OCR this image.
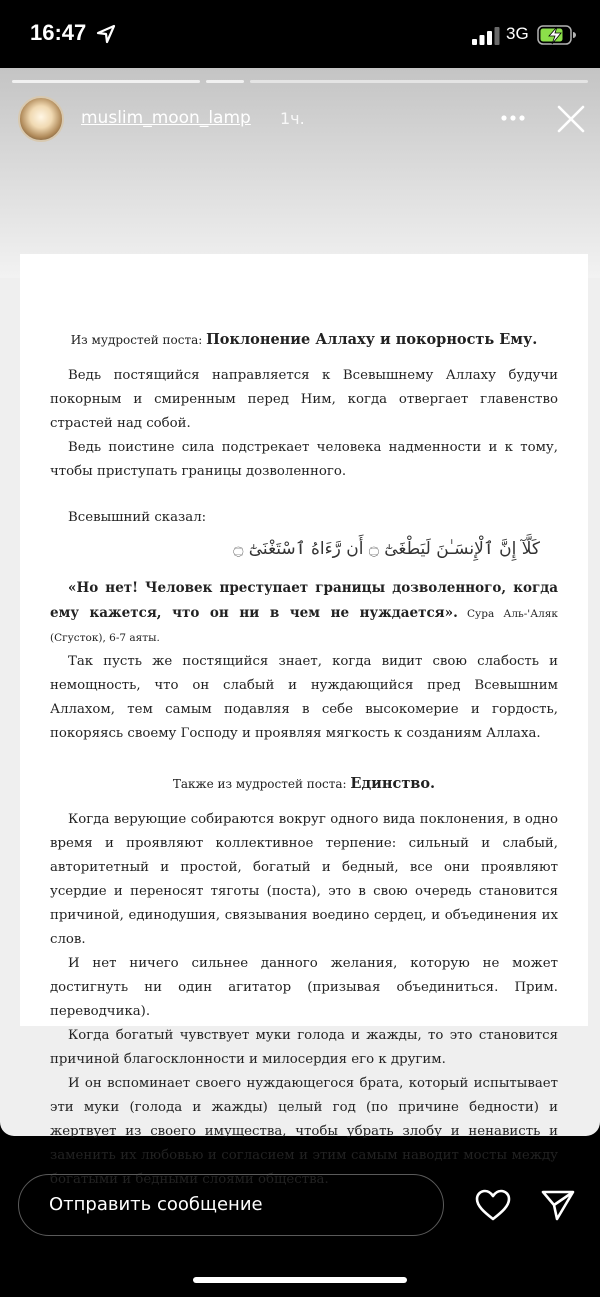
16:47	3G
muslim_moon_lamp 1ч.

Из мудростей поста: Поклонение Аллаху и покорность Ему.

Ведь постящийся направляется к Всевышнему Аллаху будучи покорным и смиренным перед Ним, когда отвергает главенство страстей над собой.

Ведь поистине сила подстрекает человека надменности и к тому, чтобы приступать границы дозволенного.

Всевышний сказал:

كَلَّآ إِنَّ ٱلْإِنسَـٰنَ لَيَطْغَىٰٓ ۝ أَن رَّءَاهُ ٱسْتَغْنَىٰٓ ۝

«Но нет! Человек преступает границы дозволенного, когда ему кажется, что он ни в чем не нуждается». Сура Аль-'Аляк (Сгусток), 6-7 аяты.

Так пусть же постящийся знает, когда видит свою слабость и немощность, что он слабый и нуждающийся пред Всевышним Аллахом, тем самым подавляя в себе высокомерие и гордость, покоряясь своему Господу и проявляя мягкость к созданиям Аллаха.

Также из мудростей поста: Единство.

Когда верующие собираются вокруг одного вида поклонения, в одно время и проявляют коллективное терпение: сильный и слабый, авторитетный и простой, богатый и бедный, все они проявляют усердие и переносят тяготы (поста), это в свою очередь становится причиной, единодушия, связывания воедино сердец, и объединения их слов.

И нет ничего сильнее данного желания, которую не может достигнуть ни один агитатор (призывая объединиться. Прим. переводчика).

Когда богатый чувствует муки голода и жажды, то это становится причиной благосклонности и милосердия его к другим.

И он вспоминает своего нуждающегося брата, который испытывает эти муки (голода и жажды) целый год (по причине бедности) и жертвует из своего имущества, чтобы убрать злобу и ненависть и заменить их любовью и согласием и этим самым наводит мосты между богатыми и бедными слоями общества.

Отправить сообщение
